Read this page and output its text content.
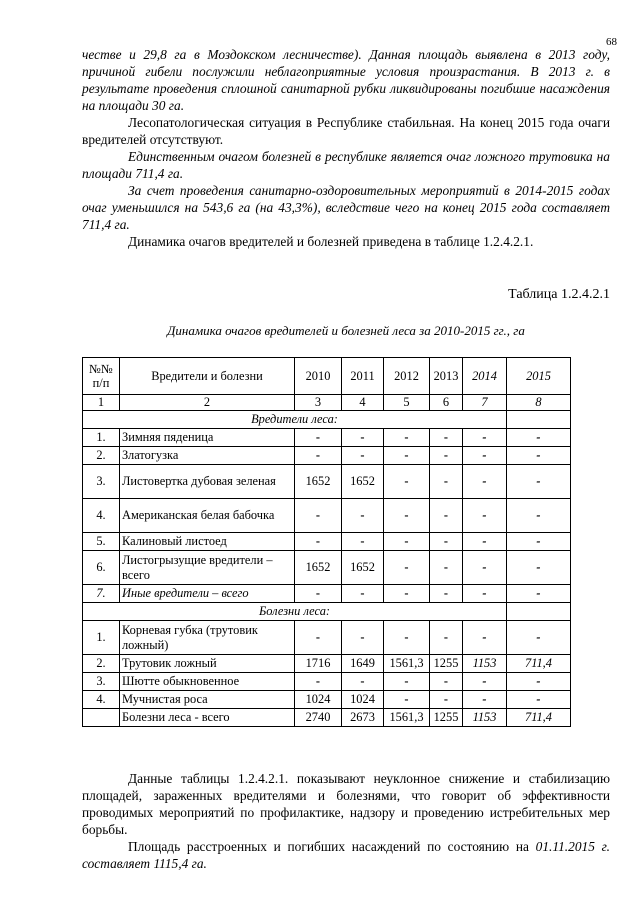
68

честве и 29,8 га в Моздокском лесничестве). Данная площадь выявлена в 2013 году, причиной гибели послужили неблагоприятные условия произрастания. В 2013 г. в результате проведения сплошной санитарной рубки ликвидированы погибшие насаждения на площади 30 га.

Лесопатологическая ситуация в Республике стабильная. На конец 2015 года очаги вредителей отсутствуют.

Единственным очагом болезней в республике является очаг ложного трутовика на площади 711,4 га.

За счет проведения санитарно-оздоровительных мероприятий в 2014-2015 годах очаг уменьшился на 543,6 га (на 43,3%), вследствие чего на конец 2015 года составляет 711,4 га.

Динамика очагов вредителей и болезней приведена в таблице 1.2.4.2.1.

Таблица 1.2.4.2.1
Динамика очагов вредителей и болезней леса за 2010-2015 гг., га
№№ п/п	Вредители и болезни	2010	2011	2012	2013	2014	2015
1	2	3	4	5	6	7	8
Вредители леса:							
1.	Зимняя пяденица	-	-	-	-	-	-
2.	Златогузка	-	-	-	-	-	-
3.	Листовертка дубовая зеленая	1652	1652	-	-	-	-
4.	Американская белая бабочка	-	-	-	-	-	-
5.	Калиновый листоед	-	-	-	-	-	-
6.	Листогрызущие вредители – всего	1652	1652	-	-	-	-
7.	Иные вредители – всего	-	-	-	-	-	-
Болезни леса:							
1.	Корневая губка (трутовик ложный)	-	-	-	-	-	-
2.	Трутовик ложный	1716	1649	1561,3	1255	1153	711,4
3.	Шютте обыкновенное	-	-	-	-	-	-
4.	Мучнистая роса	1024	1024	-	-	-	-
	Болезни леса - всего	2740	2673	1561,3	1255	1153	711,4

Данные таблицы 1.2.4.2.1. показывают неуклонное снижение и стабилизацию площадей, зараженных вредителями и болезнями, что говорит об эффективности проводимых мероприятий по профилактике, надзору и проведению истребительных мер борьбы.

Площадь расстроенных и погибших насаждений по состоянию на 01.11.2015 г. составляет 1115,4 га.
